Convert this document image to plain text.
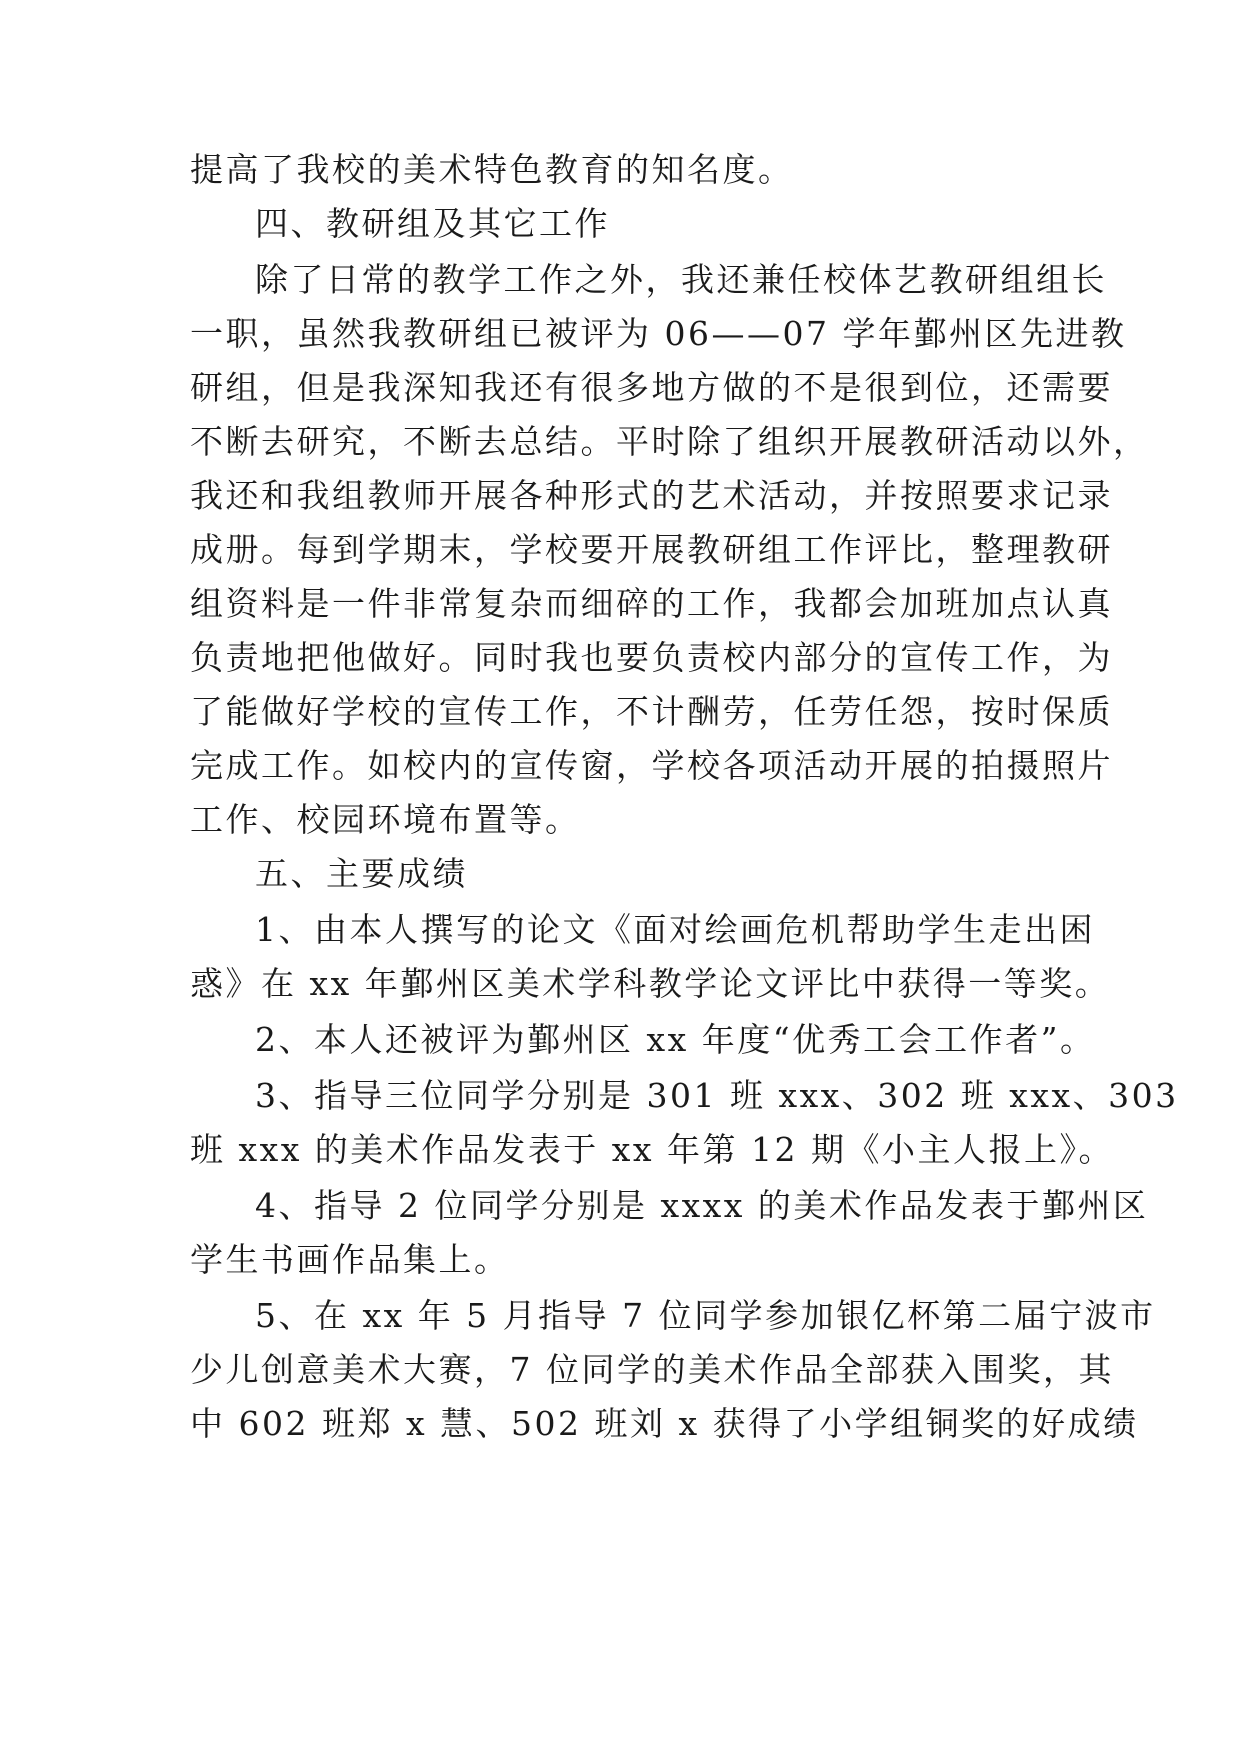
提高了我校的美术特色教育的知名度。
四、教研组及其它工作
除了日常的教学工作之外，我还兼任校体艺教研组组长
一职，虽然我教研组已被评为 06——07 学年鄞州区先进教
研组，但是我深知我还有很多地方做的不是很到位，还需要
不断去研究，不断去总结。平时除了组织开展教研活动以外，
我还和我组教师开展各种形式的艺术活动，并按照要求记录
成册。每到学期末，学校要开展教研组工作评比，整理教研
组资料是一件非常复杂而细碎的工作，我都会加班加点认真
负责地把他做好。同时我也要负责校内部分的宣传工作，为
了能做好学校的宣传工作，不计酬劳，任劳任怨，按时保质
完成工作。如校内的宣传窗，学校各项活动开展的拍摄照片
工作、校园环境布置等。
五、主要成绩
1、由本人撰写的论文《面对绘画危机帮助学生走出困
惑》在 xx 年鄞州区美术学科教学论文评比中获得一等奖。
2、本人还被评为鄞州区 xx 年度“优秀工会工作者”。
3、指导三位同学分别是 301 班 xxx、302 班 xxx、303
班 xxx 的美术作品发表于 xx 年第 12 期《小主人报上》。
4、指导 2 位同学分别是 xxxx 的美术作品发表于鄞州区
学生书画作品集上。
5、在 xx 年 5 月指导 7 位同学参加银亿杯第二届宁波市
少儿创意美术大赛，7 位同学的美术作品全部获入围奖，其
中 602 班郑 x 慧、502 班刘 x 获得了小学组铜奖的好成绩
